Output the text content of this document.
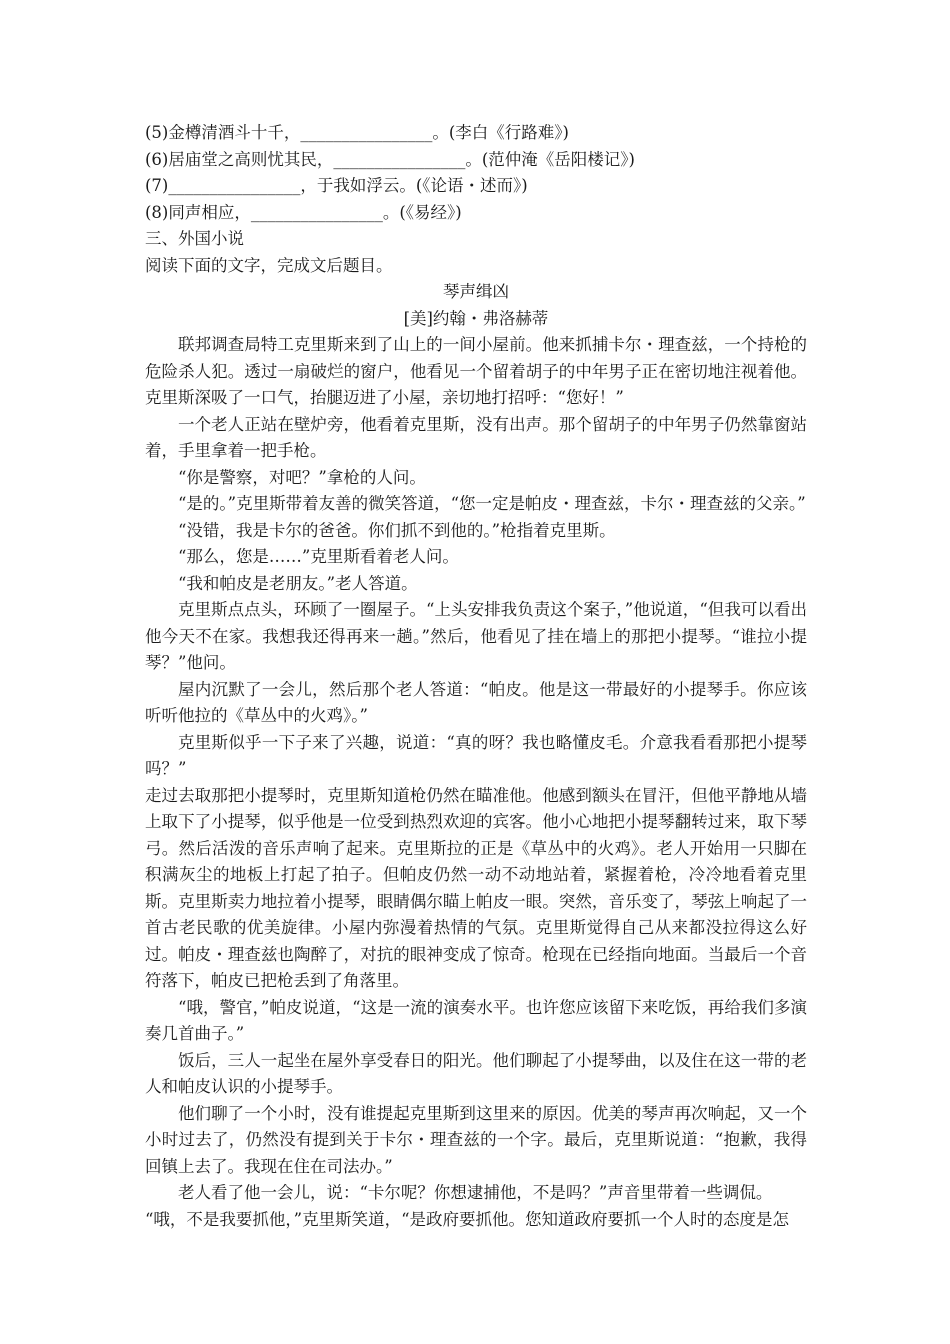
(5)金樽清酒斗十千，________________。(李白《行路难》)
(6)居庙堂之高则忧其民，________________。(范仲淹《岳阳楼记》)
(7)________________，于我如浮云。(《论语・述而》)
(8)同声相应，________________。(《易经》)
三、外国小说
阅读下面的文字，完成文后题目。
琴声缉凶
[美]约翰・弗洛赫蒂

联邦调查局特工克里斯来到了山上的一间小屋前。他来抓捕卡尔・理查兹，一个持枪的危险杀人犯。透过一扇破烂的窗户，他看见一个留着胡子的中年男子正在密切地注视着他。克里斯深吸了一口气，抬腿迈进了小屋，亲切地打招呼：“您好！”

一个老人正站在壁炉旁，他看着克里斯，没有出声。那个留胡子的中年男子仍然靠窗站着，手里拿着一把手枪。

“你是警察，对吧？”拿枪的人问。

“是的。”克里斯带着友善的微笑答道，“您一定是帕皮・理查兹，卡尔・理查兹的父亲。”

“没错，我是卡尔的爸爸。你们抓不到他的。”枪指着克里斯。

“那么，您是……”克里斯看着老人问。

“我和帕皮是老朋友。”老人答道。

克里斯点点头，环顾了一圈屋子。“上头安排我负责这个案子，”他说道，“但我可以看出他今天不在家。我想我还得再来一趟。”然后，他看见了挂在墙上的那把小提琴。“谁拉小提琴？”他问。

屋内沉默了一会儿，然后那个老人答道：“帕皮。他是这一带最好的小提琴手。你应该听听他拉的《草丛中的火鸡》。”

克里斯似乎一下子来了兴趣，说道：“真的呀？我也略懂皮毛。介意我看看那把小提琴吗？”

走过去取那把小提琴时，克里斯知道枪仍然在瞄准他。他感到额头在冒汗，但他平静地从墙上取下了小提琴，似乎他是一位受到热烈欢迎的宾客。他小心地把小提琴翻转过来，取下琴弓。然后活泼的音乐声响了起来。克里斯拉的正是《草丛中的火鸡》。老人开始用一只脚在积满灰尘的地板上打起了拍子。但帕皮仍然一动不动地站着，紧握着枪，冷冷地看着克里斯。克里斯卖力地拉着小提琴，眼睛偶尔瞄上帕皮一眼。突然，音乐变了，琴弦上响起了一首古老民歌的优美旋律。小屋内弥漫着热情的气氛。克里斯觉得自己从来都没拉得这么好过。帕皮・理查兹也陶醉了，对抗的眼神变成了惊奇。枪现在已经指向地面。当最后一个音符落下，帕皮已把枪丢到了角落里。

“哦，警官，”帕皮说道，“这是一流的演奏水平。也许您应该留下来吃饭，再给我们多演奏几首曲子。”

饭后，三人一起坐在屋外享受春日的阳光。他们聊起了小提琴曲，以及住在这一带的老人和帕皮认识的小提琴手。

他们聊了一个小时，没有谁提起克里斯到这里来的原因。优美的琴声再次响起，又一个小时过去了，仍然没有提到关于卡尔・理查兹的一个字。最后，克里斯说道：“抱歉，我得回镇上去了。我现在住在司法办。”

老人看了他一会儿，说：“卡尔呢？你想逮捕他，不是吗？”声音里带着一些调侃。

“哦，不是我要抓他，”克里斯笑道，“是政府要抓他。您知道政府要抓一个人时的态度是怎
